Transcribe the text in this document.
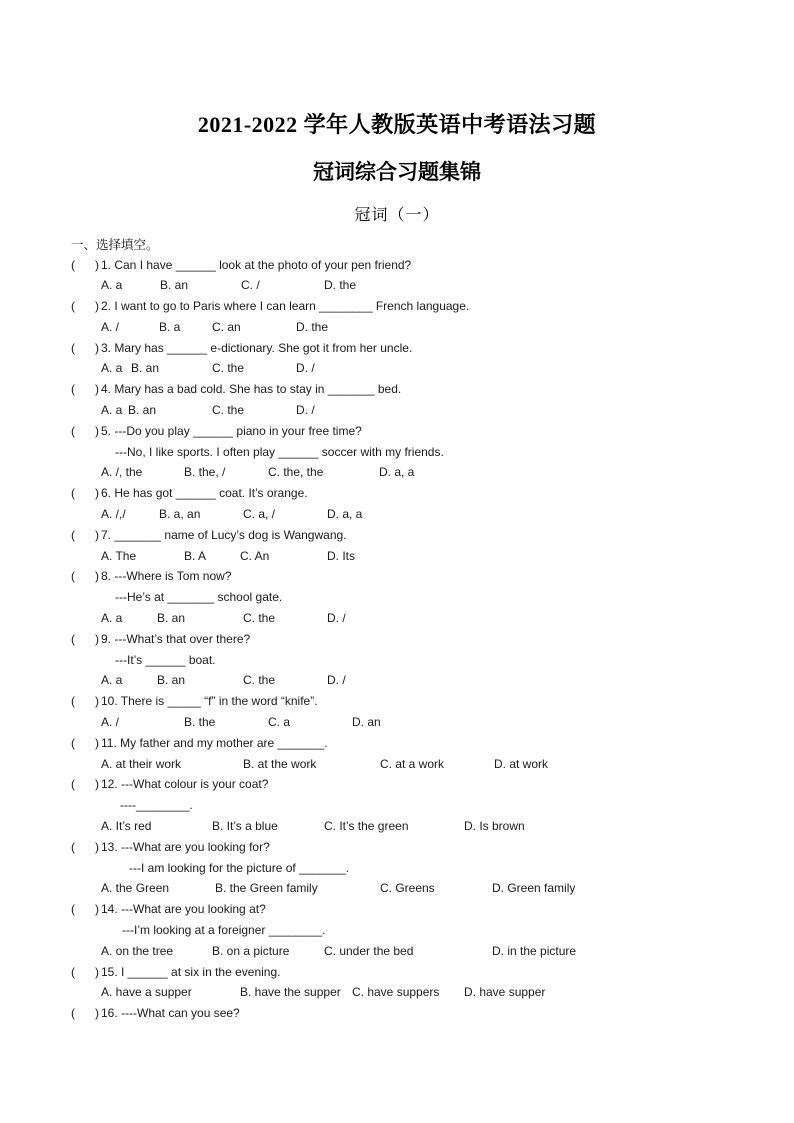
2021-2022 学年人教版英语中考语法习题
冠词综合习题集锦
冠词（一）
一、选择填空。
( ) 1. Can I have ______ look at the photo of your pen friend?
A. a	B. an	C. /	D. the
( ) 2. I want to go to Paris where I can learn ________ French language.
A. /	B. a	C. an	D. the
( ) 3. Mary has ______ e-dictionary. She got it from her uncle.
A. a B. an	C. the	D. /
( ) 4. Mary has a bad cold. She has to stay in _______ bed.
A. a B. an	C. the	D. /
( ) 5. ---Do you play ______ piano in your free time?
---No, I like sports. I often play ______ soccer with my friends.
A. /, the	B. the, /	C. the, the	D. a, a
( ) 6. He has got ______ coat. It’s orange.
A. /,/	B. a, an	C. a, /	D. a, a
( ) 7. _______ name of Lucy’s dog is Wangwang.
A. The	B. A	C. An	D. Its
( ) 8. ---Where is Tom now?
---He’s at _______ school gate.
A. a	B. an	C. the	D. /
( ) 9. ---What’s that over there?
---It’s ______ boat.
A. a	B. an	C. the	D. /
( ) 10. There is _____ “f” in the word “knife”.
A. /	B. the	C. a	D. an
( ) 11. My father and my mother are _______.
A. at their work	B. at the work	C. at a work	D. at work
( ) 12. ---What colour is your coat?
----________.
A. It’s red	B. It’s a blue	C. It’s the green	D. Is brown
( ) 13. ---What are you looking for?
---I am looking for the picture of _______.
A. the Green	B. the Green family	C. Greens	D. Green family
( ) 14. ---What are you looking at?
---I’m looking at a foreigner ________.
A. on the tree	B. on a picture	C. under the bed	D. in the picture
( ) 15. I ______ at six in the evening.
A. have a supper	B. have the supper C. have suppers D. have supper
( ) 16. ----What can you see?
